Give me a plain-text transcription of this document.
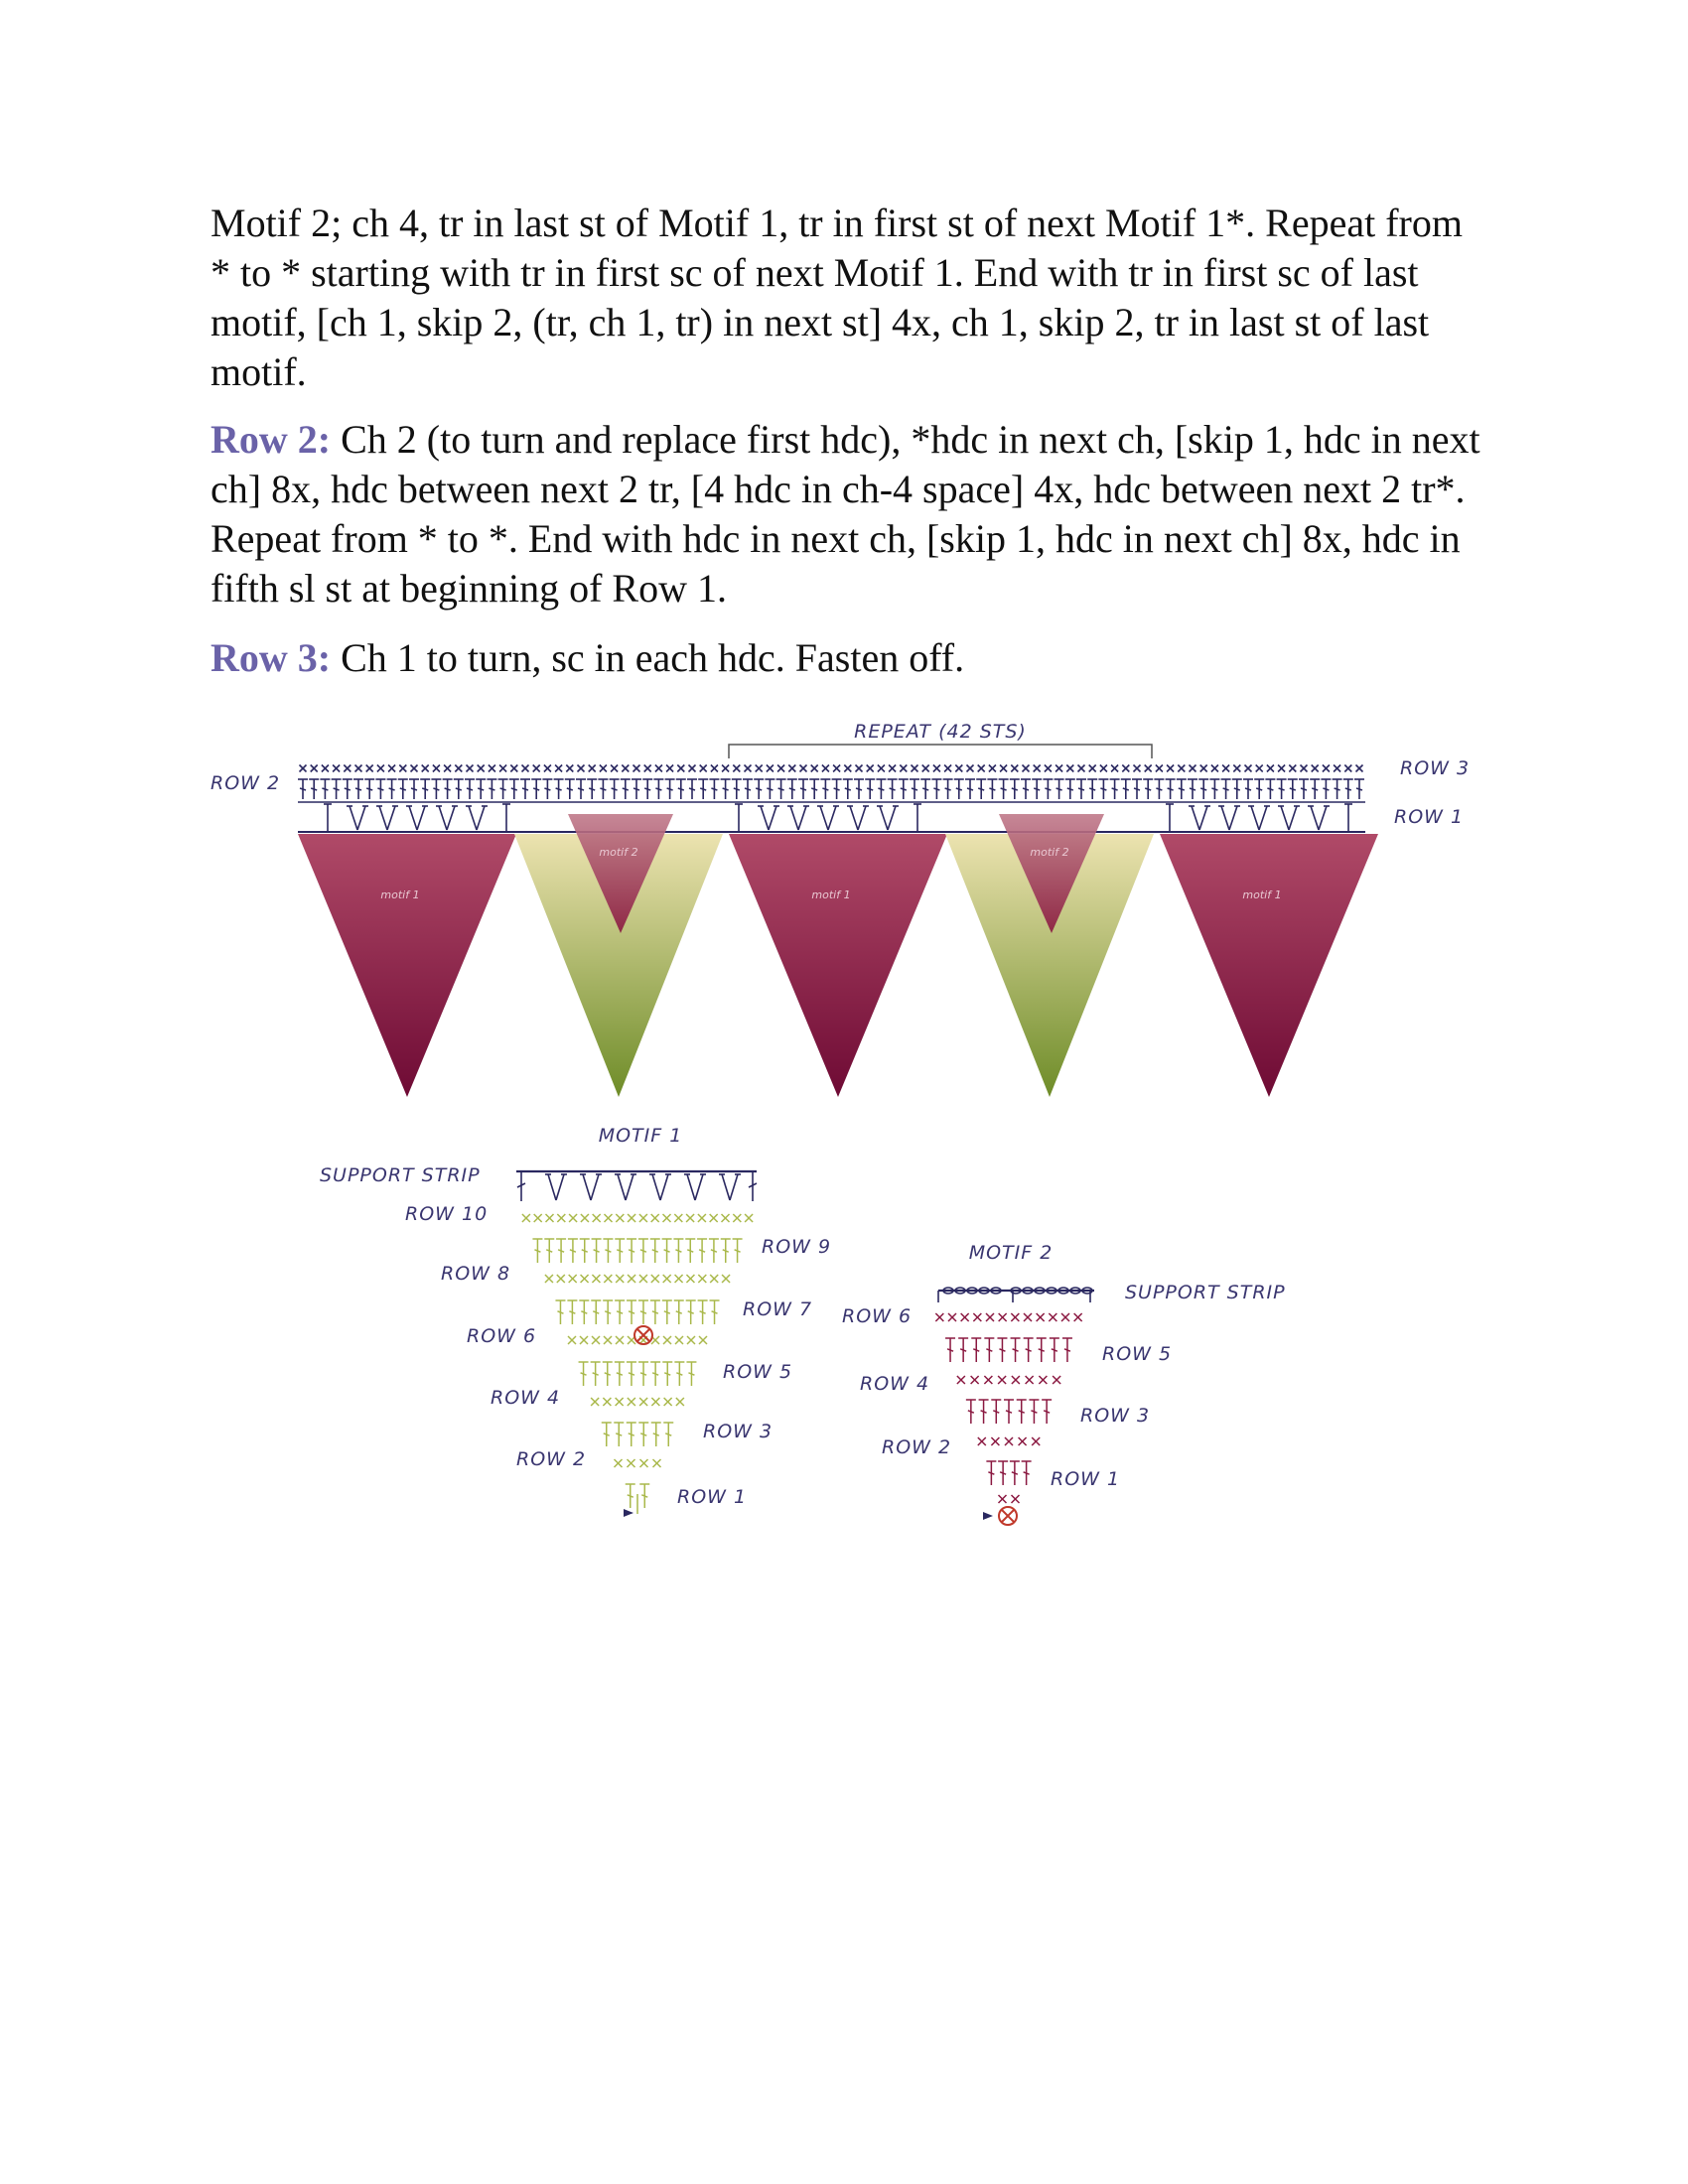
Motif 2; ch 4, tr in last st of Motif 1, tr in first st of next Motif 1*. Repeat from * to * starting with tr in first sc of next Motif 1. End with tr in first sc of last motif, [ch 1, skip 2, (tr, ch 1, tr) in next st] 4x, ch 1, skip 2, tr in last st of last motif.

Row 2: Ch 2 (to turn and replace first hdc), *hdc in next ch, [skip 1, hdc in next ch] 8x, hdc between next 2 tr, [4 hdc in ch-4 space] 4x, hdc between next 2 tr*. Repeat from * to *. End with hdc in next ch, [skip 1, hdc in next ch] 8x, hdc in fifth sl st at beginning of Row 1.

Row 3: Ch 1 to turn, sc in each hdc. Fasten off.

REPEAT (42 STS)
ROW 2
ROW 3
ROW 1
motif 1
motif 2
motif 1
motif 2
motif 1
MOTIF 1
SUPPORT STRIP
ROW 10
ROW 8
ROW 6
ROW 4
ROW 2
ROW 9
ROW 7
ROW 5
ROW 3
ROW 1
MOTIF 2
SUPPORT STRIP
ROW 6
ROW 4
ROW 2
ROW 5
ROW 3
ROW 1
